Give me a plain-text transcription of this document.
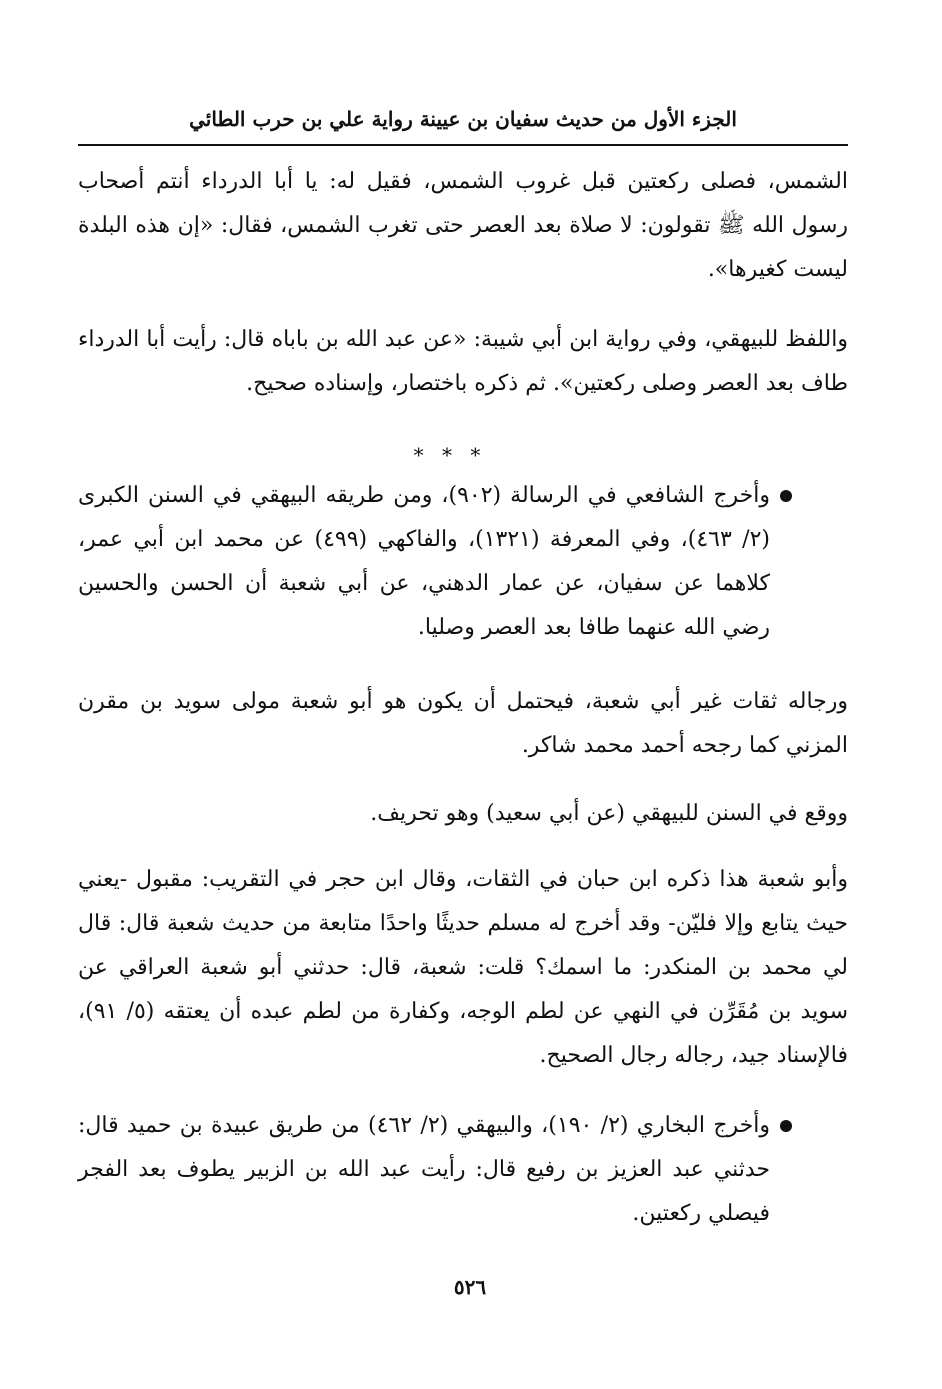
الجزء الأول من حديث سفيان بن عيينة رواية علي بن حرب الطائي

الشمس، فصلى ركعتين قبل غروب الشمس، فقيل له: يا أبا الدرداء أنتم أصحاب رسول الله ﷺ تقولون: لا صلاة بعد العصر حتى تغرب الشمس، فقال: «إن هذه البلدة ليست كغيرها».

واللفظ للبيهقي، وفي رواية ابن أبي شيبة: «عن عبد الله بن باباه قال: رأيت أبا الدرداء طاف بعد العصر وصلى ركعتين». ثم ذكره باختصار، وإسناده صحيح.

* * *

وأخرج الشافعي في الرسالة (٩٠٢)، ومن طريقه البيهقي في السنن الكبرى (٢/ ٤٦٣)، وفي المعرفة (١٣٢١)، والفاكهي (٤٩٩) عن محمد ابن أبي عمر، كلاهما عن سفيان، عن عمار الدهني، عن أبي شعبة أن الحسن والحسين رضي الله عنهما طافا بعد العصر وصليا.

ورجاله ثقات غير أبي شعبة، فيحتمل أن يكون هو أبو شعبة مولى سويد بن مقرن المزني كما رجحه أحمد محمد شاكر.

ووقع في السنن للبيهقي (عن أبي سعيد) وهو تحريف.

وأبو شعبة هذا ذكره ابن حبان في الثقات، وقال ابن حجر في التقريب: مقبول -يعني حيث يتابع وإلا فليّن- وقد أخرج له مسلم حديثًا واحدًا متابعة من حديث شعبة قال: قال لي محمد بن المنكدر: ما اسمك؟ قلت: شعبة، قال: حدثني أبو شعبة العراقي عن سويد بن مُقَرِّن في النهي عن لطم الوجه، وكفارة من لطم عبده أن يعتقه (٥/ ٩١)، فالإسناد جيد، رجاله رجال الصحيح.

وأخرج البخاري (٢/ ١٩٠)، والبيهقي (٢/ ٤٦٢) من طريق عبيدة بن حميد قال: حدثني عبد العزيز بن رفيع قال: رأيت عبد الله بن الزبير يطوف بعد الفجر فيصلي ركعتين.

٥٢٦
